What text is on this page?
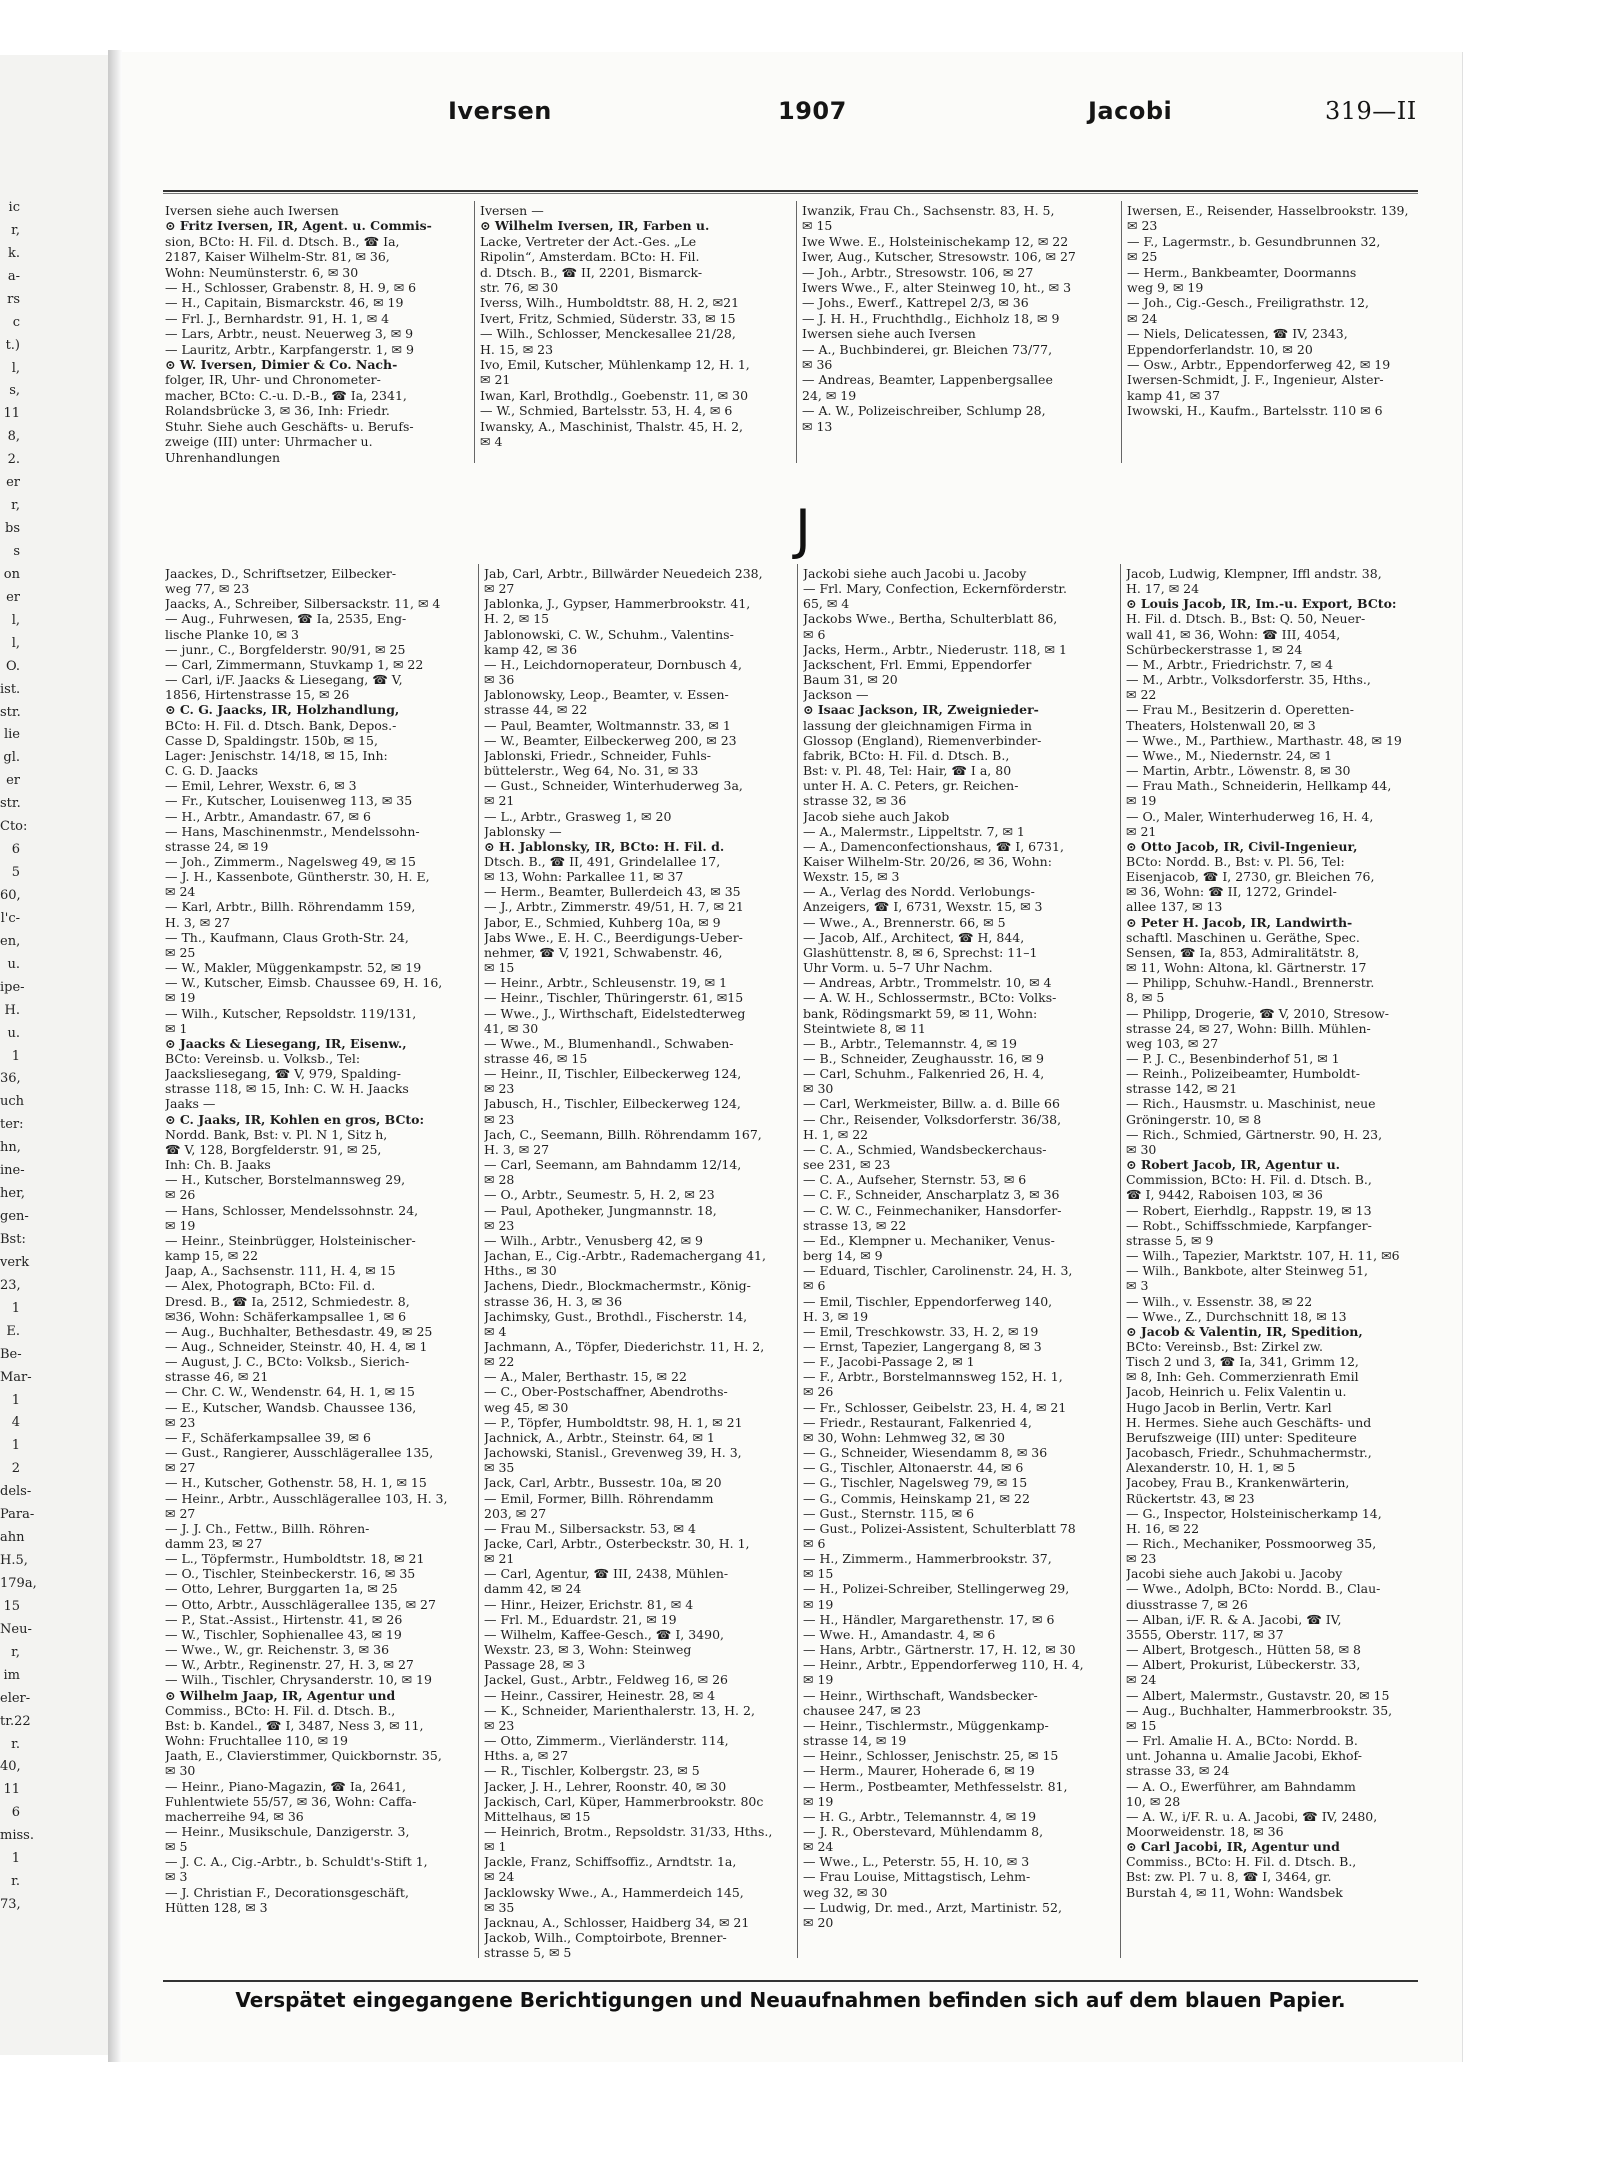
Iversen	1907	Jacobi	319—II
Iversen siehe auch Iwersen
⊙ Fritz Iversen, IR, Agent. u. Commis-
sion, BCto: H. Fil. d. Dtsch. B., ☎ Ia,
2187, Kaiser Wilhelm-Str. 81, ✉ 36,
Wohn: Neumünsterstr. 6, ✉ 30
— H., Schlosser, Grabenstr. 8, H. 9, ✉ 6
— H., Capitain, Bismarckstr. 46, ✉ 19
— Frl. J., Bernhardstr. 91, H. 1, ✉ 4
— Lars, Arbtr., neust. Neuerweg 3, ✉ 9
— Lauritz, Arbtr., Karpfangerstr. 1, ✉ 9
⊙ W. Iversen, Dimier & Co. Nach-
folger, IR, Uhr- und Chronometer-
macher, BCto: C.-u. D.-B., ☎ Ia, 2341,
Rolandsbrücke 3, ✉ 36, Inh: Friedr.
Stuhr. Siehe auch Geschäfts- u. Berufs-
zweige (III) unter: Uhrmacher u.
Uhrenhandlungen
Iversen —
⊙ Wilhelm Iversen, IR, Farben u.
Lacke, Vertreter der Act.-Ges. „Le
Ripolin“, Amsterdam. BCto: H. Fil.
d. Dtsch. B., ☎ II, 2201, Bismarck-
str. 76, ✉ 30
Iverss, Wilh., Humboldtstr. 88, H. 2, ✉21
Ivert, Fritz, Schmied, Süderstr. 33, ✉ 15
— Wilh., Schlosser, Menckesallee 21/28,
H. 15, ✉ 23
Ivo, Emil, Kutscher, Mühlenkamp 12, H. 1,
✉ 21
Iwan, Karl, Brothdlg., Goebenstr. 11, ✉ 30
— W., Schmied, Bartelsstr. 53, H. 4, ✉ 6
Iwansky, A., Maschinist, Thalstr. 45, H. 2,
✉ 4
Iwanzik, Frau Ch., Sachsenstr. 83, H. 5,
✉ 15
Iwe Wwe. E., Holsteinischekamp 12, ✉ 22
Iwer, Aug., Kutscher, Stresowstr. 106, ✉ 27
— Joh., Arbtr., Stresowstr. 106, ✉ 27
Iwers Wwe., F., alter Steinweg 10, ht., ✉ 3
— Johs., Ewerf., Kattrepel 2/3, ✉ 36
— J. H. H., Fruchthdlg., Eichholz 18, ✉ 9
Iwersen siehe auch Iversen
— A., Buchbinderei, gr. Bleichen 73/77,
✉ 36
— Andreas, Beamter, Lappenbergsallee
24, ✉ 19
— A. W., Polizeischreiber, Schlump 28,
✉ 13
Iwersen, E., Reisender, Hasselbrookstr. 139,
✉ 23
— F., Lagermstr., b. Gesundbrunnen 32,
✉ 25
— Herm., Bankbeamter, Doormanns
weg 9, ✉ 19
— Joh., Cig.-Gesch., Freiligrathstr. 12,
✉ 24
— Niels, Delicatessen, ☎ IV, 2343,
Eppendorferlandstr. 10, ✉ 20
— Osw., Arbtr., Eppendorferweg 42, ✉ 19
Iwersen-Schmidt, J. F., Ingenieur, Alster-
kamp 41, ✉ 37
Iwowski, H., Kaufm., Bartelsstr. 110 ✉ 6
J
Jaackes, D., Schriftsetzer, Eilbecker-
weg 77, ✉ 23
Jaacks, A., Schreiber, Silbersackstr. 11, ✉ 4
— Aug., Fuhrwesen, ☎ Ia, 2535, Eng-
lische Planke 10, ✉ 3
— junr., C., Borgfelderstr. 90/91, ✉ 25
— Carl, Zimmermann, Stuvkamp 1, ✉ 22
— Carl, i/F. Jaacks & Liesegang, ☎ V,
1856, Hirtenstrasse 15, ✉ 26
⊙ C. G. Jaacks, IR, Holzhandlung,
BCto: H. Fil. d. Dtsch. Bank, Depos.-
Casse D, Spaldingstr. 150b, ✉ 15,
Lager: Jenischstr. 14/18, ✉ 15, Inh:
C. G. D. Jaacks
— Emil, Lehrer, Wexstr. 6, ✉ 3
— Fr., Kutscher, Louisenweg 113, ✉ 35
— H., Arbtr., Amandastr. 67, ✉ 6
— Hans, Maschinenmstr., Mendelssohn-
strasse 24, ✉ 19
— Joh., Zimmerm., Nagelsweg 49, ✉ 15
— J. H., Kassenbote, Güntherstr. 30, H. E,
✉ 24
— Karl, Arbtr., Billh. Röhrendamm 159,
H. 3, ✉ 27
— Th., Kaufmann, Claus Groth-Str. 24,
✉ 25
— W., Makler, Müggenkampstr. 52, ✉ 19
— W., Kutscher, Eimsb. Chaussee 69, H. 16,
✉ 19
— Wilh., Kutscher, Repsoldstr. 119/131,
✉ 1
⊙ Jaacks & Liesegang, IR, Eisenw.,
BCto: Vereinsb. u. Volksb., Tel:
Jaacksliesegang, ☎ V, 979, Spalding-
strasse 118, ✉ 15, Inh: C. W. H. Jaacks
Jaaks —
⊙ C. Jaaks, IR, Kohlen en gros, BCto:
Nordd. Bank, Bst: v. Pl. N 1, Sitz h,
☎ V, 128, Borgfelderstr. 91, ✉ 25,
Inh: Ch. B. Jaaks
— H., Kutscher, Borstelmannsweg 29,
✉ 26
— Hans, Schlosser, Mendelssohnstr. 24,
✉ 19
— Heinr., Steinbrügger, Holsteinischer-
kamp 15, ✉ 22
Jaap, A., Sachsenstr. 111, H. 4, ✉ 15
— Alex, Photograph, BCto: Fil. d.
Dresd. B., ☎ Ia, 2512, Schmiedestr. 8,
✉36, Wohn: Schäferkampsallee 1, ✉ 6
— Aug., Buchhalter, Bethesdastr. 49, ✉ 25
— Aug., Schneider, Steinstr. 40, H. 4, ✉ 1
— August, J. C., BCto: Volksb., Sierich-
strasse 46, ✉ 21
— Chr. C. W., Wendenstr. 64, H. 1, ✉ 15
— E., Kutscher, Wandsb. Chaussee 136,
✉ 23
— F., Schäferkampsallee 39, ✉ 6
— Gust., Rangierer, Ausschlägerallee 135,
✉ 27
— H., Kutscher, Gothenstr. 58, H. 1, ✉ 15
— Heinr., Arbtr., Ausschlägerallee 103, H. 3,
✉ 27
— J. J. Ch., Fettw., Billh. Röhren-
damm 23, ✉ 27
— L., Töpfermstr., Humboldtstr. 18, ✉ 21
— O., Tischler, Steinbeckerstr. 16, ✉ 35
— Otto, Lehrer, Burggarten 1a, ✉ 25
— Otto, Arbtr., Ausschlägerallee 135, ✉ 27
— P., Stat.-Assist., Hirtenstr. 41, ✉ 26
— W., Tischler, Sophienallee 43, ✉ 19
— Wwe., W., gr. Reichenstr. 3, ✉ 36
— W., Arbtr., Reginenstr. 27, H. 3, ✉ 27
— Wilh., Tischler, Chrysanderstr. 10, ✉ 19
⊙ Wilhelm Jaap, IR, Agentur und
Commiss., BCto: H. Fil. d. Dtsch. B.,
Bst: b. Kandel., ☎ I, 3487, Ness 3, ✉ 11,
Wohn: Fruchtallee 110, ✉ 19
Jaath, E., Clavierstimmer, Quickbornstr. 35,
✉ 30
— Heinr., Piano-Magazin, ☎ Ia, 2641,
Fuhlentwiete 55/57, ✉ 36, Wohn: Caffa-
macherreihe 94, ✉ 36
— Heinr., Musikschule, Danzigerstr. 3,
✉ 5
— J. C. A., Cig.-Arbtr., b. Schuldt's-Stift 1,
✉ 3
— J. Christian F., Decorationsgeschäft,
Hütten 128, ✉ 3
Jab, Carl, Arbtr., Billwärder Neuedeich 238,
✉ 27
Jablonka, J., Gypser, Hammerbrookstr. 41,
H. 2, ✉ 15
Jablonowski, C. W., Schuhm., Valentins-
kamp 42, ✉ 36
— H., Leichdornoperateur, Dornbusch 4,
✉ 36
Jablonowsky, Leop., Beamter, v. Essen-
strasse 44, ✉ 22
— Paul, Beamter, Woltmannstr. 33, ✉ 1
— W., Beamter, Eilbeckerweg 200, ✉ 23
Jablonski, Friedr., Schneider, Fuhls-
büttelerstr., Weg 64, No. 31, ✉ 33
— Gust., Schneider, Winterhuderweg 3a,
✉ 21
— L., Arbtr., Grasweg 1, ✉ 20
Jablonsky —
⊙ H. Jablonsky, IR, BCto: H. Fil. d.
Dtsch. B., ☎ II, 491, Grindelallee 17,
✉ 13, Wohn: Parkallee 11, ✉ 37
— Herm., Beamter, Bullerdeich 43, ✉ 35
— J., Arbtr., Zimmerstr. 49/51, H. 7, ✉ 21
Jabor, E., Schmied, Kuhberg 10a, ✉ 9
Jabs Wwe., E. H. C., Beerdigungs-Ueber-
nehmer, ☎ V, 1921, Schwabenstr. 46,
✉ 15
— Heinr., Arbtr., Schleusenstr. 19, ✉ 1
— Heinr., Tischler, Thüringerstr. 61, ✉15
— Wwe., J., Wirthschaft, Eidelstedterweg
41, ✉ 30
— Wwe., M., Blumenhandl., Schwaben-
strasse 46, ✉ 15
— Heinr., II, Tischler, Eilbeckerweg 124,
✉ 23
Jabusch, H., Tischler, Eilbeckerweg 124,
✉ 23
Jach, C., Seemann, Billh. Röhrendamm 167,
H. 3, ✉ 27
— Carl, Seemann, am Bahndamm 12/14,
✉ 28
— O., Arbtr., Seumestr. 5, H. 2, ✉ 23
— Paul, Apotheker, Jungmannstr. 18,
✉ 23
— Wilh., Arbtr., Venusberg 42, ✉ 9
Jachan, E., Cig.-Arbtr., Rademachergang 41,
Hths., ✉ 30
Jachens, Diedr., Blockmachermstr., König-
strasse 36, H. 3, ✉ 36
Jachimsky, Gust., Brothdl., Fischerstr. 14,
✉ 4
Jachmann, A., Töpfer, Diederichstr. 11, H. 2,
✉ 22
— A., Maler, Berthastr. 15, ✉ 22
— C., Ober-Postschaffner, Abendroths-
weg 45, ✉ 30
— P., Töpfer, Humboldtstr. 98, H. 1, ✉ 21
Jachnick, A., Arbtr., Steinstr. 64, ✉ 1
Jachowski, Stanisl., Grevenweg 39, H. 3,
✉ 35
Jack, Carl, Arbtr., Bussestr. 10a, ✉ 20
— Emil, Former, Billh. Röhrendamm
203, ✉ 27
— Frau M., Silbersackstr. 53, ✉ 4
Jacke, Carl, Arbtr., Osterbeckstr. 30, H. 1,
✉ 21
— Carl, Agentur, ☎ III, 2438, Mühlen-
damm 42, ✉ 24
— Hinr., Heizer, Erichstr. 81, ✉ 4
— Frl. M., Eduardstr. 21, ✉ 19
— Wilhelm, Kaffee-Gesch., ☎ I, 3490,
Wexstr. 23, ✉ 3, Wohn: Steinweg
Passage 28, ✉ 3
Jackel, Gust., Arbtr., Feldweg 16, ✉ 26
— Heinr., Cassirer, Heinestr. 28, ✉ 4
— K., Schneider, Marienthalerstr. 13, H. 2,
✉ 23
— Otto, Zimmerm., Vierländerstr. 114,
Hths. a, ✉ 27
— R., Tischler, Kolbergstr. 23, ✉ 5
Jacker, J. H., Lehrer, Roonstr. 40, ✉ 30
Jackisch, Carl, Küper, Hammerbrookstr. 80c
Mittelhaus, ✉ 15
— Heinrich, Brotm., Repsoldstr. 31/33, Hths.,
✉ 1
Jackle, Franz, Schiffsoffiz., Arndtstr. 1a,
✉ 24
Jacklowsky Wwe., A., Hammerdeich 145,
✉ 35
Jacknau, A., Schlosser, Haidberg 34, ✉ 21
Jackob, Wilh., Comptoirbote, Brenner-
strasse 5, ✉ 5
Jackobi siehe auch Jacobi u. Jacoby
— Frl. Mary, Confection, Eckernförderstr.
65, ✉ 4
Jackobs Wwe., Bertha, Schulterblatt 86,
✉ 6
Jacks, Herm., Arbtr., Niederustr. 118, ✉ 1
Jackschent, Frl. Emmi, Eppendorfer
Baum 31, ✉ 20
Jackson —
⊙ Isaac Jackson, IR, Zweignieder-
lassung der gleichnamigen Firma in
Glossop (England), Riemenverbinder-
fabrik, BCto: H. Fil. d. Dtsch. B.,
Bst: v. Pl. 48, Tel: Hair, ☎ I a, 80
unter H. A. C. Peters, gr. Reichen-
strasse 32, ✉ 36
Jacob siehe auch Jakob
— A., Malermstr., Lippeltstr. 7, ✉ 1
— A., Damenconfectionshaus, ☎ I, 6731,
Kaiser Wilhelm-Str. 20/26, ✉ 36, Wohn:
Wexstr. 15, ✉ 3
— A., Verlag des Nordd. Verlobungs-
Anzeigers, ☎ I, 6731, Wexstr. 15, ✉ 3
— Wwe., A., Brennerstr. 66, ✉ 5
— Jacob, Alf., Architect, ☎ H, 844,
Glashüttenstr. 8, ✉ 6, Sprechst: 11–1
Uhr Vorm. u. 5–7 Uhr Nachm.
— Andreas, Arbtr., Trommelstr. 10, ✉ 4
— A. W. H., Schlossermstr., BCto: Volks-
bank, Rödingsmarkt 59, ✉ 11, Wohn:
Steintwiete 8, ✉ 11
— B., Arbtr., Telemannstr. 4, ✉ 19
— B., Schneider, Zeughausstr. 16, ✉ 9
— Carl, Schuhm., Falkenried 26, H. 4,
✉ 30
— Carl, Werkmeister, Billw. a. d. Bille 66
— Chr., Reisender, Volksdorferstr. 36/38,
H. 1, ✉ 22
— C. A., Schmied, Wandsbeckerchaus-
see 231, ✉ 23
— C. A., Aufseher, Sternstr. 53, ✉ 6
— C. F., Schneider, Anscharplatz 3, ✉ 36
— C. W. C., Feinmechaniker, Hansdorfer-
strasse 13, ✉ 22
— Ed., Klempner u. Mechaniker, Venus-
berg 14, ✉ 9
— Eduard, Tischler, Carolinenstr. 24, H. 3,
✉ 6
— Emil, Tischler, Eppendorferweg 140,
H. 3, ✉ 19
— Emil, Treschkowstr. 33, H. 2, ✉ 19
— Ernst, Tapezier, Langergang 8, ✉ 3
— F., Jacobi-Passage 2, ✉ 1
— F., Arbtr., Borstelmannsweg 152, H. 1,
✉ 26
— Fr., Schlosser, Geibelstr. 23, H. 4, ✉ 21
— Friedr., Restaurant, Falkenried 4,
✉ 30, Wohn: Lehmweg 32, ✉ 30
— G., Schneider, Wiesendamm 8, ✉ 36
— G., Tischler, Altonaerstr. 44, ✉ 6
— G., Tischler, Nagelsweg 79, ✉ 15
— G., Commis, Heinskamp 21, ✉ 22
— Gust., Sternstr. 115, ✉ 6
— Gust., Polizei-Assistent, Schulterblatt 78
✉ 6
— H., Zimmerm., Hammerbrookstr. 37,
✉ 15
— H., Polizei-Schreiber, Stellingerweg 29,
✉ 19
— H., Händler, Margarethenstr. 17, ✉ 6
— Wwe. H., Amandastr. 4, ✉ 6
— Hans, Arbtr., Gärtnerstr. 17, H. 12, ✉ 30
— Heinr., Arbtr., Eppendorferweg 110, H. 4,
✉ 19
— Heinr., Wirthschaft, Wandsbecker-
chausee 247, ✉ 23
— Heinr., Tischlermstr., Müggenkamp-
strasse 14, ✉ 19
— Heinr., Schlosser, Jenischstr. 25, ✉ 15
— Herm., Maurer, Hoherade 6, ✉ 19
— Herm., Postbeamter, Methfesselstr. 81,
✉ 19
— H. G., Arbtr., Telemannstr. 4, ✉ 19
— J. R., Oberstevard, Mühlendamm 8,
✉ 24
— Wwe., L., Peterstr. 55, H. 10, ✉ 3
— Frau Louise, Mittagstisch, Lehm-
weg 32, ✉ 30
— Ludwig, Dr. med., Arzt, Martinistr. 52,
✉ 20
Jacob, Ludwig, Klempner, Iffl andstr. 38,
H. 17, ✉ 24
⊙ Louis Jacob, IR, Im.-u. Export, BCto:
H. Fil. d. Dtsch. B., Bst: Q. 50, Neuer-
wall 41, ✉ 36, Wohn: ☎ III, 4054,
Schürbeckerstrasse 1, ✉ 24
— M., Arbtr., Friedrichstr. 7, ✉ 4
— M., Arbtr., Volksdorferstr. 35, Hths.,
✉ 22
— Frau M., Besitzerin d. Operetten-
Theaters, Holstenwall 20, ✉ 3
— Wwe., M., Parthiew., Marthastr. 48, ✉ 19
— Wwe., M., Niedernstr. 24, ✉ 1
— Martin, Arbtr., Löwenstr. 8, ✉ 30
— Frau Math., Schneiderin, Hellkamp 44,
✉ 19
— O., Maler, Winterhuderweg 16, H. 4,
✉ 21
⊙ Otto Jacob, IR, Civil-Ingenieur,
BCto: Nordd. B., Bst: v. Pl. 56, Tel:
Eisenjacob, ☎ I, 2730, gr. Bleichen 76,
✉ 36, Wohn: ☎ II, 1272, Grindel-
allee 137, ✉ 13
⊙ Peter H. Jacob, IR, Landwirth-
schaftl. Maschinen u. Geräthe, Spec.
Sensen, ☎ Ia, 853, Admiralitätstr. 8,
✉ 11, Wohn: Altona, kl. Gärtnerstr. 17
— Philipp, Schuhw.-Handl., Brennerstr.
8, ✉ 5
— Philipp, Drogerie, ☎ V, 2010, Stresow-
strasse 24, ✉ 27, Wohn: Billh. Mühlen-
weg 103, ✉ 27
— P. J. C., Besenbinderhof 51, ✉ 1
— Reinh., Polizeibeamter, Humboldt-
strasse 142, ✉ 21
— Rich., Hausmstr. u. Maschinist, neue
Gröningerstr. 10, ✉ 8
— Rich., Schmied, Gärtnerstr. 90, H. 23,
✉ 30
⊙ Robert Jacob, IR, Agentur u.
Commission, BCto: H. Fil. d. Dtsch. B.,
☎ I, 9442, Raboisen 103, ✉ 36
— Robert, Eierhdlg., Rappstr. 19, ✉ 13
— Robt., Schiffsschmiede, Karpfanger-
strasse 5, ✉ 9
— Wilh., Tapezier, Marktstr. 107, H. 11, ✉6
— Wilh., Bankbote, alter Steinweg 51,
✉ 3
— Wilh., v. Essenstr. 38, ✉ 22
— Wwe., Z., Durchschnitt 18, ✉ 13
⊙ Jacob & Valentin, IR, Spedition,
BCto: Vereinsb., Bst: Zirkel zw.
Tisch 2 und 3, ☎ Ia, 341, Grimm 12,
✉ 8, Inh: Geh. Commerzienrath Emil
Jacob, Heinrich u. Felix Valentin u.
Hugo Jacob in Berlin, Vertr. Karl
H. Hermes. Siehe auch Geschäfts- und
Berufszweige (III) unter: Spediteure
Jacobasch, Friedr., Schuhmachermstr.,
Alexanderstr. 10, H. 1, ✉ 5
Jacobey, Frau B., Krankenwärterin,
Rückertstr. 43, ✉ 23
— G., Inspector, Holsteinischerkamp 14,
H. 16, ✉ 22
— Rich., Mechaniker, Possmoorweg 35,
✉ 23
Jacobi siehe auch Jakobi u. Jacoby
— Wwe., Adolph, BCto: Nordd. B., Clau-
diusstrasse 7, ✉ 26
— Alban, i/F. R. & A. Jacobi, ☎ IV,
3555, Oberstr. 117, ✉ 37
— Albert, Brotgesch., Hütten 58, ✉ 8
— Albert, Prokurist, Lübeckerstr. 33,
✉ 24
— Albert, Malermstr., Gustavstr. 20, ✉ 15
— Aug., Buchhalter, Hammerbrookstr. 35,
✉ 15
— Frl. Amalie H. A., BCto: Nordd. B.
unt. Johanna u. Amalie Jacobi, Ekhof-
strasse 33, ✉ 24
— A. O., Ewerführer, am Bahndamm
10, ✉ 28
— A. W., i/F. R. u. A. Jacobi, ☎ IV, 2480,
Moorweidenstr. 18, ✉ 36
⊙ Carl Jacobi, IR, Agentur und
Commiss., BCto: H. Fil. d. Dtsch. B.,
Bst: zw. Pl. 7 u. 8, ☎ I, 3464, gr.
Burstah 4, ✉ 11, Wohn: Wandsbek
ic
r,
k.
a-
rs
c
t.)
l,
s,
11
8,
2.
er
r,
bs
s
on
er
l,
l,
O.
ist.
str.
lie
gl.
er
str.
Cto:
6
5
60,
l'c-
en,
u.
ipe-
H.
u.
1
36,
uch
ter:
hn,
ine-
her,
gen-
Bst:
verk
23,
1
E.
Be-
Mar-
1
4
1
2
dels-
Para-
ahn
H.5,
179a,
15
Neu-
r,
im
eler-
tr.22
r.
40,
11
6
miss.
1
r.
73,
Verspätet eingegangene Berichtigungen und Neuaufnahmen befinden sich auf dem blauen Papier.
